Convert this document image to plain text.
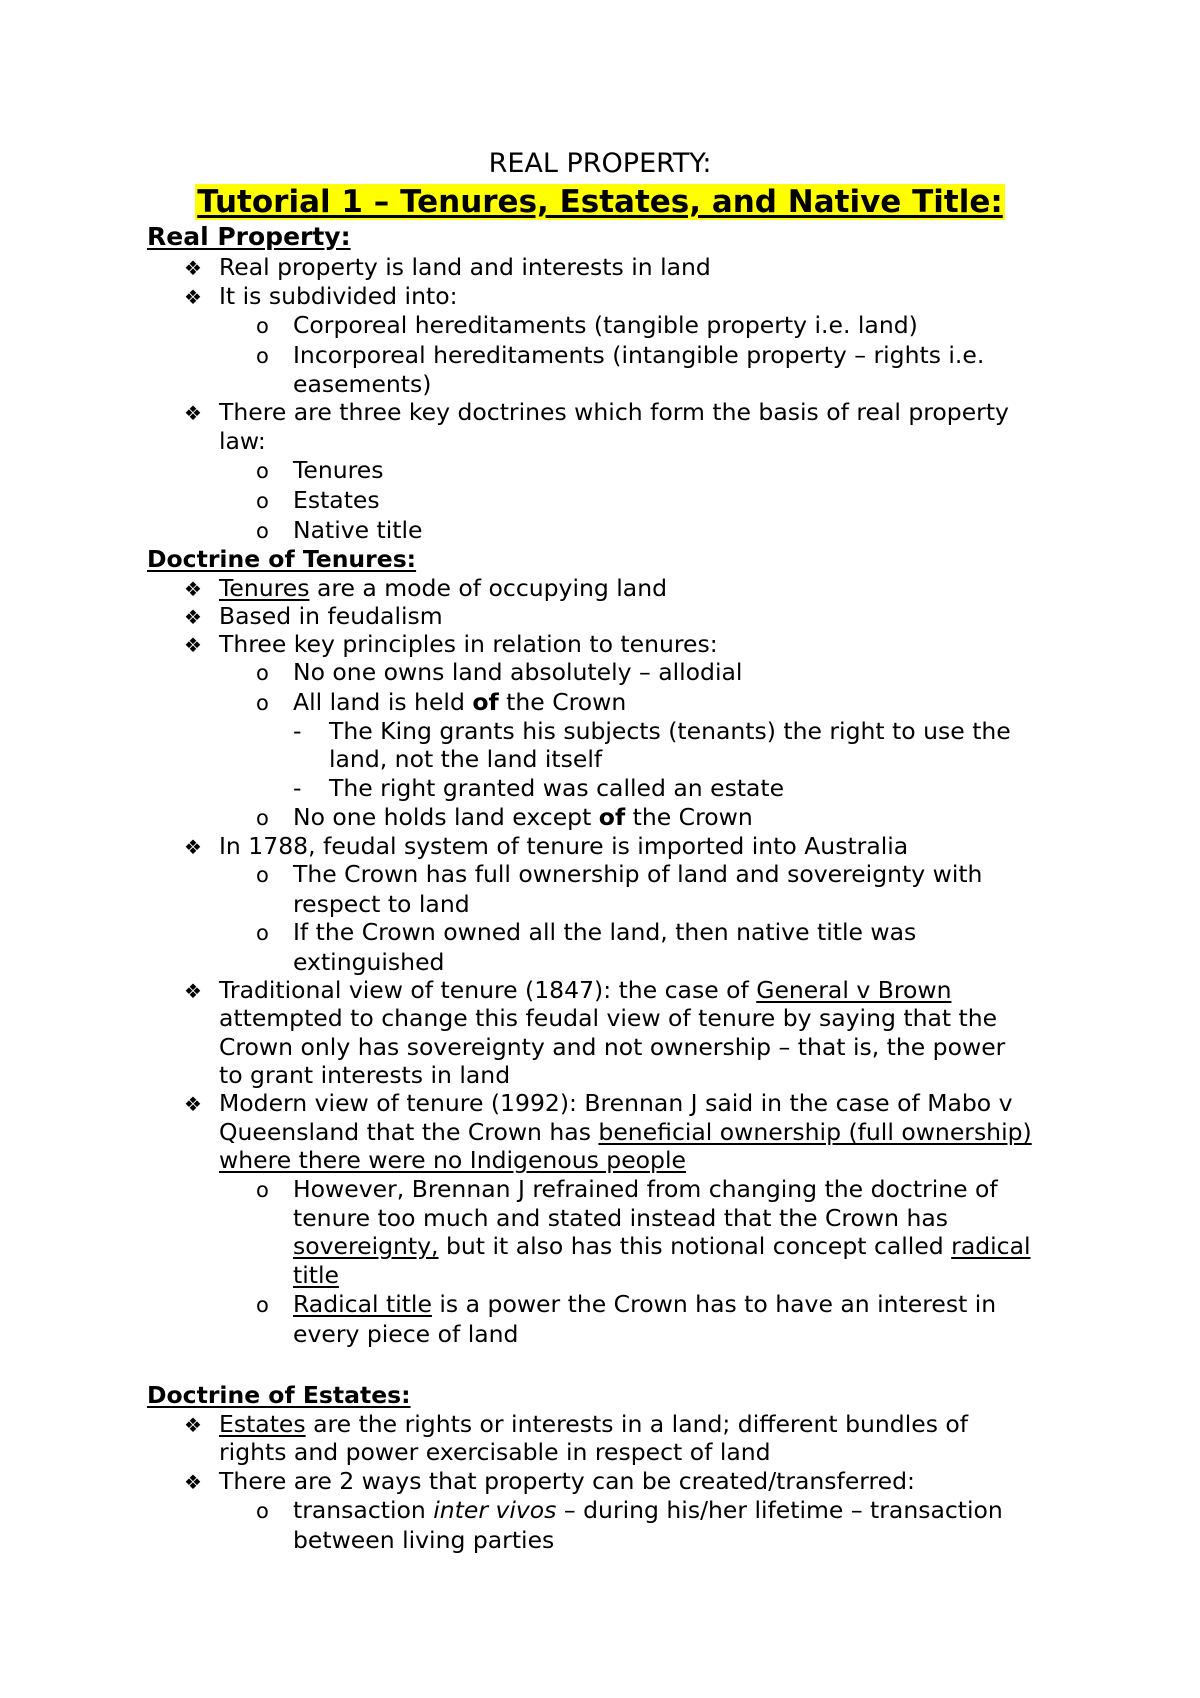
REAL PROPERTY:
Tutorial 1 – Tenures, Estates, and Native Title:
Real Property:
❖ Real property is land and interests in land
❖ It is subdivided into:
o Corporeal hereditaments (tangible property i.e. land)
o Incorporeal hereditaments (intangible property – rights i.e.
easements)
❖ There are three key doctrines which form the basis of real property
law:
o Tenures
o Estates
o Native title
Doctrine of Tenures:
❖ Tenures are a mode of occupying land
❖ Based in feudalism
❖ Three key principles in relation to tenures:
o No one owns land absolutely – allodial
o All land is held of the Crown
- The King grants his subjects (tenants) the right to use the
land, not the land itself
- The right granted was called an estate
o No one holds land except of the Crown
❖ In 1788, feudal system of tenure is imported into Australia
o The Crown has full ownership of land and sovereignty with
respect to land
o If the Crown owned all the land, then native title was
extinguished
❖ Traditional view of tenure (1847): the case of General v Brown
attempted to change this feudal view of tenure by saying that the
Crown only has sovereignty and not ownership – that is, the power
to grant interests in land
❖ Modern view of tenure (1992): Brennan J said in the case of Mabo v
Queensland that the Crown has beneficial ownership (full ownership)
where there were no Indigenous people
o However, Brennan J refrained from changing the doctrine of
tenure too much and stated instead that the Crown has
sovereignty, but it also has this notional concept called radical
title
o Radical title is a power the Crown has to have an interest in
every piece of land
Doctrine of Estates:
❖ Estates are the rights or interests in a land; different bundles of
rights and power exercisable in respect of land
❖ There are 2 ways that property can be created/transferred:
o transaction inter vivos – during his/her lifetime – transaction
between living parties
